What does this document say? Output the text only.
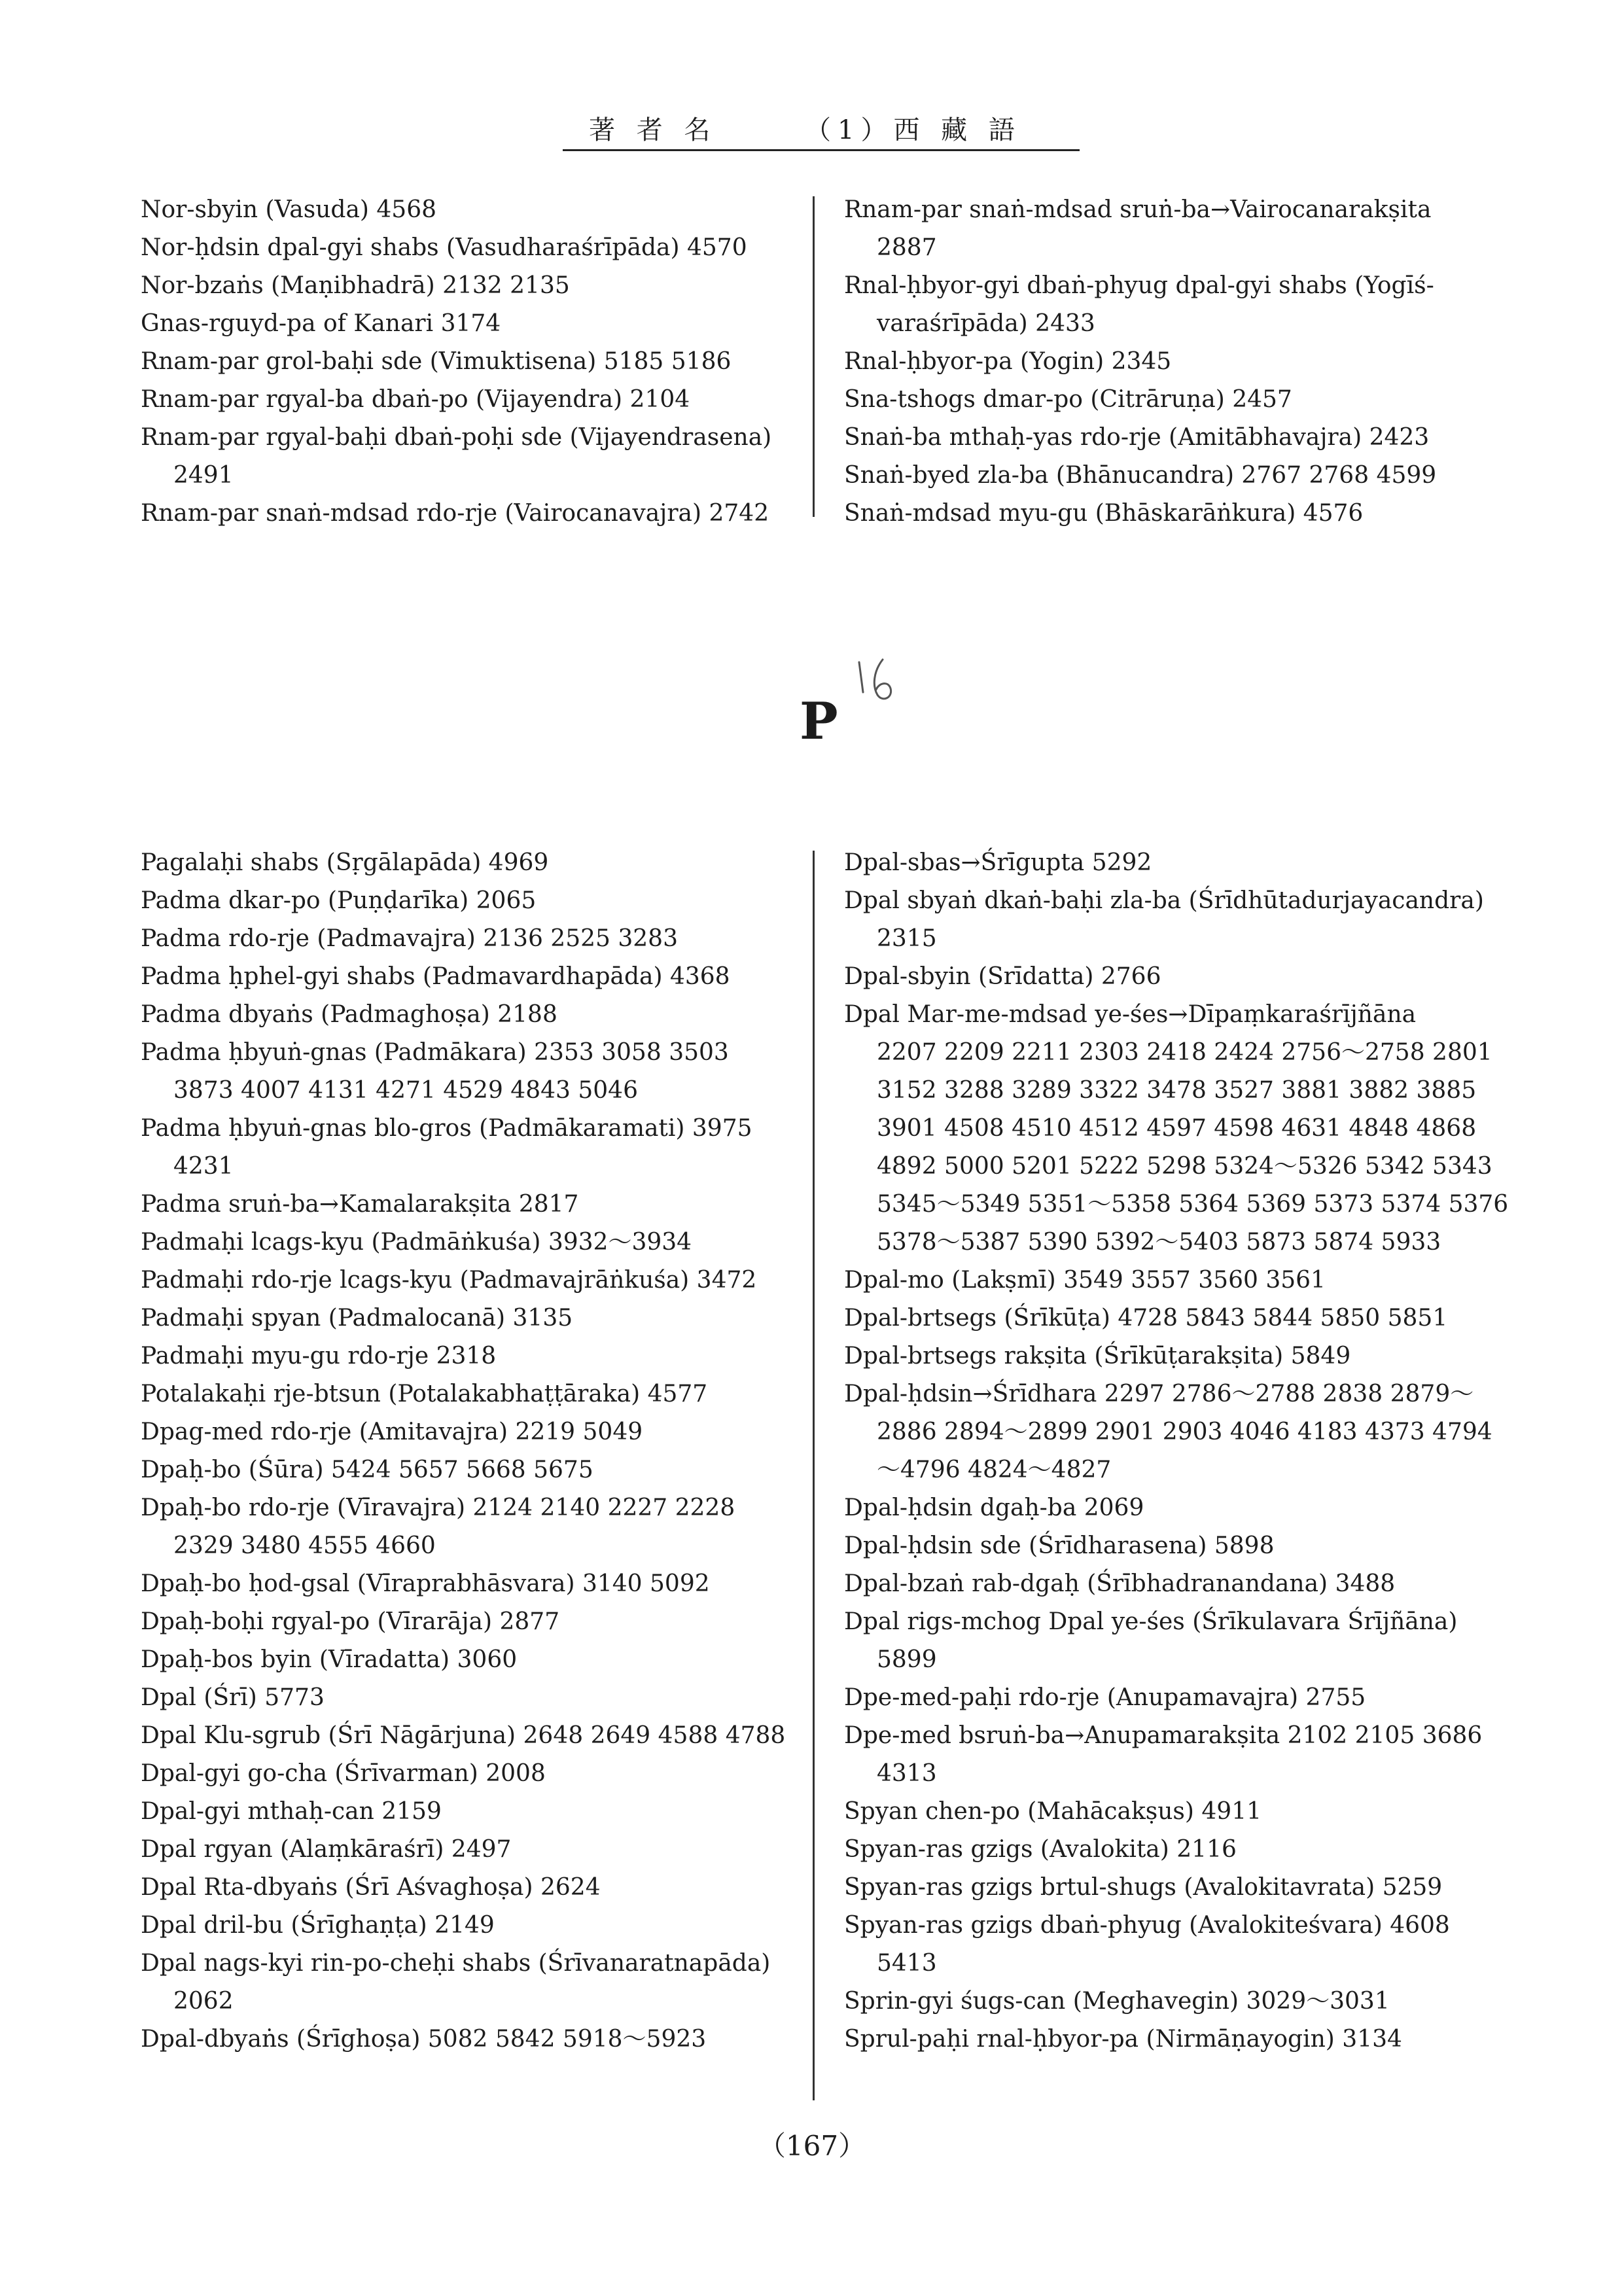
著 者 名	（1）西 藏 語
Nor-sbyin (Vasuda) 4568
Nor-ḥdsin dpal-gyi shabs (Vasudharaśrīpāda) 4570
Nor-bzaṅs (Maṇibhadrā) 2132 2135
Gnas-rguyd-pa of Kanari 3174
Rnam-par grol-baḥi sde (Vimuktisena) 5185 5186
Rnam-par rgyal-ba dbaṅ-po (Vijayendra) 2104
Rnam-par rgyal-baḥi dbaṅ-poḥi sde (Vijayendrasena)
2491
Rnam-par snaṅ-mdsad rdo-rje (Vairocanavajra) 2742
Rnam-par snaṅ-mdsad sruṅ-ba→Vairocanarakṣita
2887
Rnal-ḥbyor-gyi dbaṅ-phyug dpal-gyi shabs (Yogīś-
varaśrīpāda) 2433
Rnal-ḥbyor-pa (Yogin) 2345
Sna-tshogs dmar-po (Citrāruṇa) 2457
Snaṅ-ba mthaḥ-yas rdo-rje (Amitābhavajra) 2423
Snaṅ-byed zla-ba (Bhānucandra) 2767 2768 4599
Snaṅ-mdsad myu-gu (Bhāskarāṅkura) 4576
P
Pagalaḥi shabs (Sṛgālapāda) 4969
Padma dkar-po (Puṇḍarīka) 2065
Padma rdo-rje (Padmavajra) 2136 2525 3283
Padma ḥphel-gyi shabs (Padmavardhapāda) 4368
Padma dbyaṅs (Padmaghoṣa) 2188
Padma ḥbyuṅ-gnas (Padmākara) 2353 3058 3503
3873 4007 4131 4271 4529 4843 5046
Padma ḥbyuṅ-gnas blo-gros (Padmākaramati) 3975
4231
Padma sruṅ-ba→Kamalarakṣita 2817
Padmaḥi lcags-kyu (Padmāṅkuśa) 3932～3934
Padmaḥi rdo-rje lcags-kyu (Padmavajrāṅkuśa) 3472
Padmaḥi spyan (Padmalocanā) 3135
Padmaḥi myu-gu rdo-rje 2318
Potalakaḥi rje-btsun (Potalakabhaṭṭāraka) 4577
Dpag-med rdo-rje (Amitavajra) 2219 5049
Dpaḥ-bo (Śūra) 5424 5657 5668 5675
Dpaḥ-bo rdo-rje (Vīravajra) 2124 2140 2227 2228
2329 3480 4555 4660
Dpaḥ-bo ḥod-gsal (Vīraprabhāsvara) 3140 5092
Dpaḥ-boḥi rgyal-po (Vīrarāja) 2877
Dpaḥ-bos byin (Vīradatta) 3060
Dpal (Śrī) 5773
Dpal Klu-sgrub (Śrī Nāgārjuna) 2648 2649 4588 4788
Dpal-gyi go-cha (Śrīvarman) 2008
Dpal-gyi mthaḥ-can 2159
Dpal rgyan (Alaṃkāraśrī) 2497
Dpal Rta-dbyaṅs (Śrī Aśvaghoṣa) 2624
Dpal dril-bu (Śrīghaṇṭa) 2149
Dpal nags-kyi rin-po-cheḥi shabs (Śrīvanaratnapāda)
2062
Dpal-dbyaṅs (Śrīghoṣa) 5082 5842 5918～5923
Dpal-sbas→Śrīgupta 5292
Dpal sbyaṅ dkaṅ-baḥi zla-ba (Śrīdhūtadurjayacandra)
2315
Dpal-sbyin (Srīdatta) 2766
Dpal Mar-me-mdsad ye-śes→Dīpaṃkaraśrījñāna
2207 2209 2211 2303 2418 2424 2756～2758 2801
3152 3288 3289 3322 3478 3527 3881 3882 3885
3901 4508 4510 4512 4597 4598 4631 4848 4868
4892 5000 5201 5222 5298 5324～5326 5342 5343
5345～5349 5351～5358 5364 5369 5373 5374 5376
5378～5387 5390 5392～5403 5873 5874 5933
Dpal-mo (Lakṣmī) 3549 3557 3560 3561
Dpal-brtsegs (Śrīkūṭa) 4728 5843 5844 5850 5851
Dpal-brtsegs rakṣita (Śrīkūṭarakṣita) 5849
Dpal-ḥdsin→Śrīdhara 2297 2786～2788 2838 2879～
2886 2894～2899 2901 2903 4046 4183 4373 4794
～4796 4824～4827
Dpal-ḥdsin dgaḥ-ba 2069
Dpal-ḥdsin sde (Śrīdharasena) 5898
Dpal-bzaṅ rab-dgaḥ (Śrībhadranandana) 3488
Dpal rigs-mchog Dpal ye-śes (Śrīkulavara Śrījñāna)
5899
Dpe-med-paḥi rdo-rje (Anupamavajra) 2755
Dpe-med bsruṅ-ba→Anupamarakṣita 2102 2105 3686
4313
Spyan chen-po (Mahācakṣus) 4911
Spyan-ras gzigs (Avalokita) 2116
Spyan-ras gzigs brtul-shugs (Avalokitavrata) 5259
Spyan-ras gzigs dbaṅ-phyug (Avalokiteśvara) 4608
5413
Sprin-gyi śugs-can (Meghavegin) 3029～3031
Sprul-paḥi rnal-ḥbyor-pa (Nirmāṇayogin) 3134
（167）
